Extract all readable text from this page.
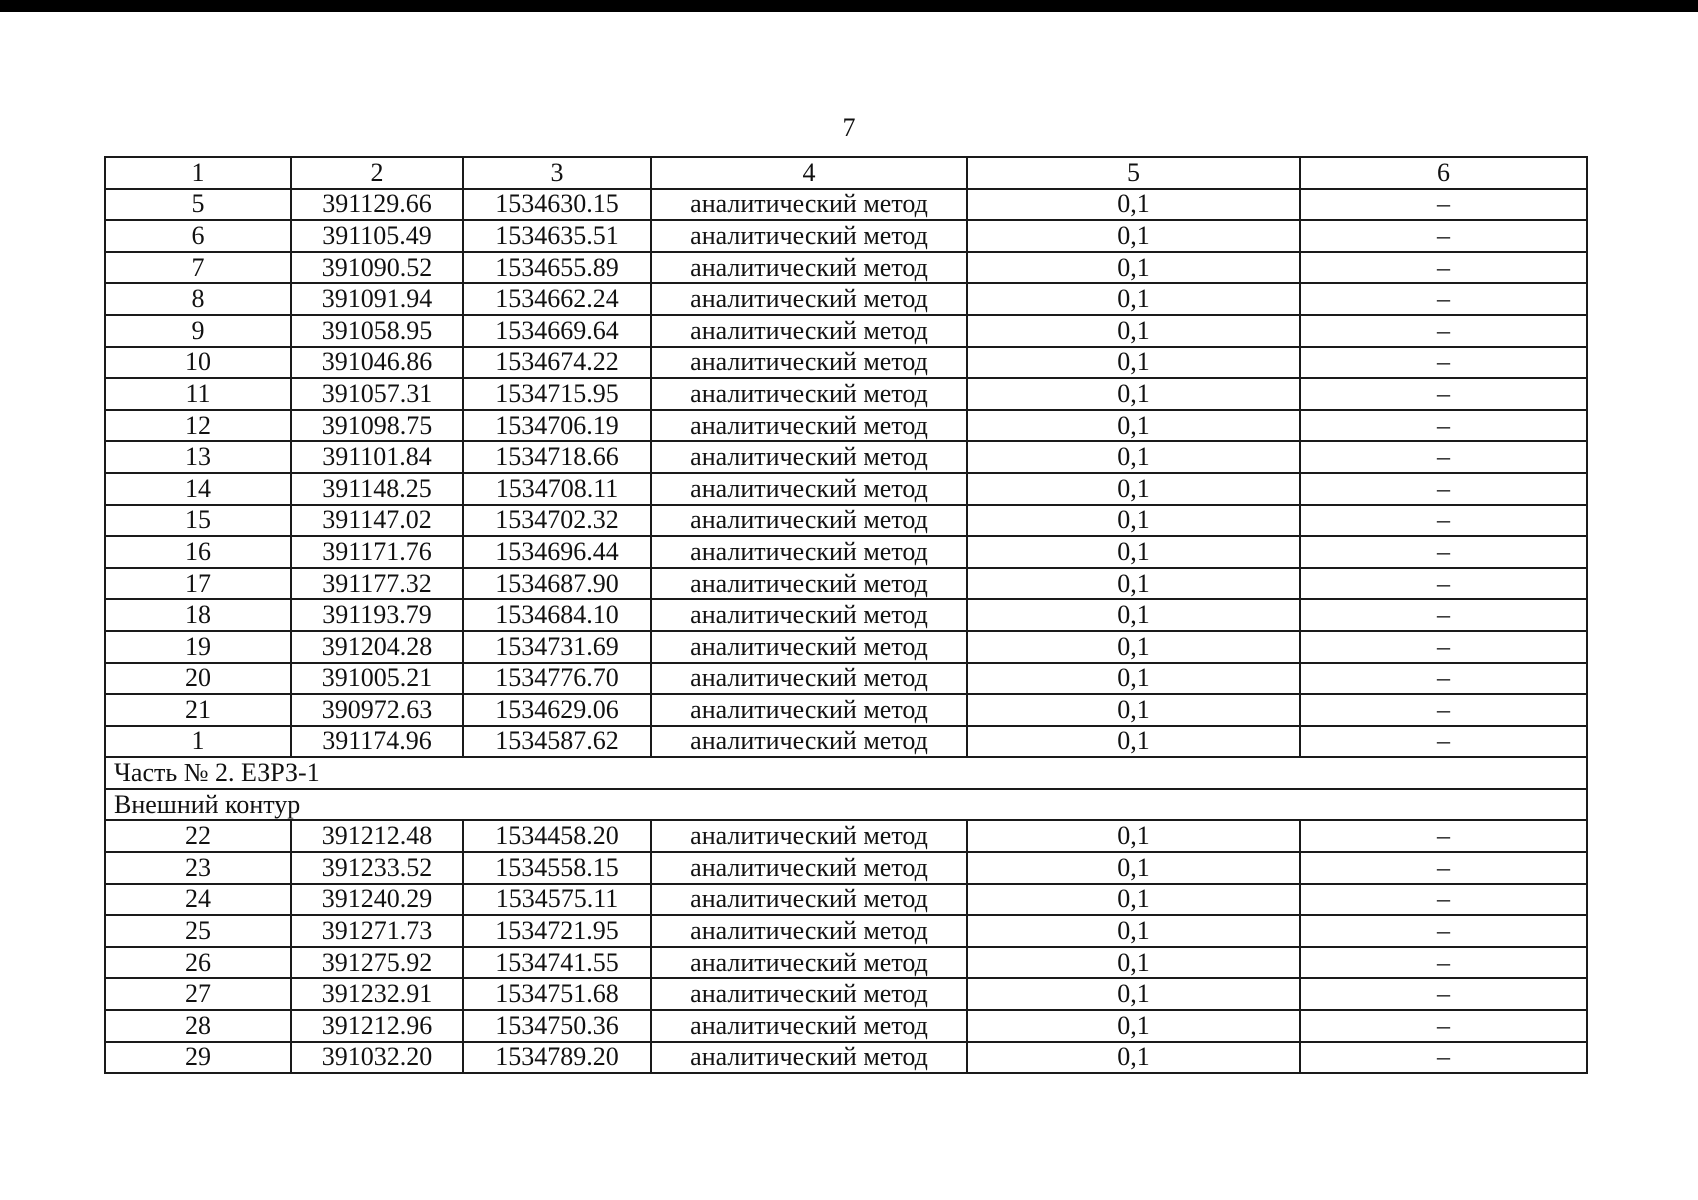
7
1	2	3	4	5	6
5	391129.66	1534630.15	аналитический метод	0,1	–
6	391105.49	1534635.51	аналитический метод	0,1	–
7	391090.52	1534655.89	аналитический метод	0,1	–
8	391091.94	1534662.24	аналитический метод	0,1	–
9	391058.95	1534669.64	аналитический метод	0,1	–
10	391046.86	1534674.22	аналитический метод	0,1	–
11	391057.31	1534715.95	аналитический метод	0,1	–
12	391098.75	1534706.19	аналитический метод	0,1	–
13	391101.84	1534718.66	аналитический метод	0,1	–
14	391148.25	1534708.11	аналитический метод	0,1	–
15	391147.02	1534702.32	аналитический метод	0,1	–
16	391171.76	1534696.44	аналитический метод	0,1	–
17	391177.32	1534687.90	аналитический метод	0,1	–
18	391193.79	1534684.10	аналитический метод	0,1	–
19	391204.28	1534731.69	аналитический метод	0,1	–
20	391005.21	1534776.70	аналитический метод	0,1	–
21	390972.63	1534629.06	аналитический метод	0,1	–
1	391174.96	1534587.62	аналитический метод	0,1	–
Часть № 2. ЕЗРЗ-1					
Внешний контур					
22	391212.48	1534458.20	аналитический метод	0,1	–
23	391233.52	1534558.15	аналитический метод	0,1	–
24	391240.29	1534575.11	аналитический метод	0,1	–
25	391271.73	1534721.95	аналитический метод	0,1	–
26	391275.92	1534741.55	аналитический метод	0,1	–
27	391232.91	1534751.68	аналитический метод	0,1	–
28	391212.96	1534750.36	аналитический метод	0,1	–
29	391032.20	1534789.20	аналитический метод	0,1	–
